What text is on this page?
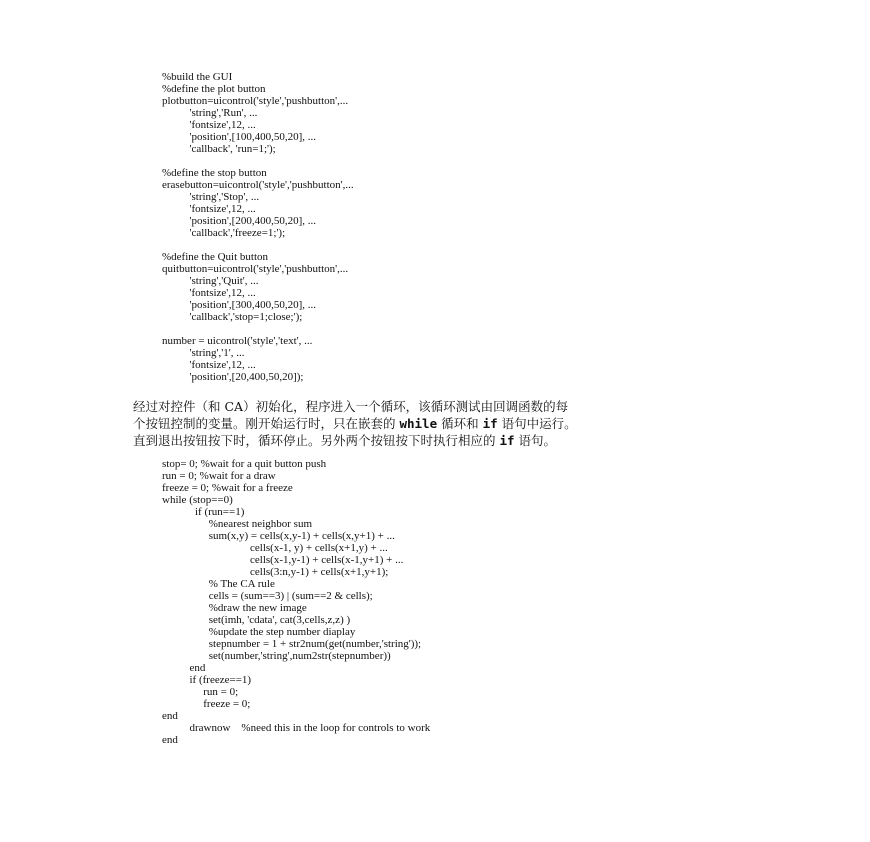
%build the GUI
%define the plot button
plotbutton=uicontrol('style','pushbutton',...
'string','Run', ...
'fontsize',12, ...
'position',[100,400,50,20], ...
'callback', 'run=1;');

%define the stop button
erasebutton=uicontrol('style','pushbutton',...
'string','Stop', ...
'fontsize',12, ...
'position',[200,400,50,20], ...
'callback','freeze=1;');

%define the Quit button
quitbutton=uicontrol('style','pushbutton',...
'string','Quit', ...
'fontsize',12, ...
'position',[300,400,50,20], ...
'callback','stop=1;close;');

number = uicontrol('style','text', ...
'string','1', ...
'fontsize',12, ...
'position',[20,400,50,20]);
经过对控件（和 CA）初始化，程序进入一个循环，该循环测试由回调函数的每
个按钮控制的变量。刚开始运行时，只在嵌套的 while 循环和 if 语句中运行。
直到退出按钮按下时，循环停止。另外两个按钮按下时执行相应的 if 语句。
stop= 0; %wait for a quit button push
run = 0; %wait for a draw
freeze = 0; %wait for a freeze
while (stop==0)
if (run==1)
%nearest neighbor sum
sum(x,y) = cells(x,y-1) + cells(x,y+1) + ...
cells(x-1, y) + cells(x+1,y) + ...
cells(x-1,y-1) + cells(x-1,y+1) + ...
cells(3:n,y-1) + cells(x+1,y+1);
% The CA rule
cells = (sum==3) | (sum==2 & cells);
%draw the new image
set(imh, 'cdata', cat(3,cells,z,z) )
%update the step number diaplay
stepnumber = 1 + str2num(get(number,'string'));
set(number,'string',num2str(stepnumber))
end
if (freeze==1)
run = 0;
freeze = 0;
end
drawnow    %need this in the loop for controls to work
end
